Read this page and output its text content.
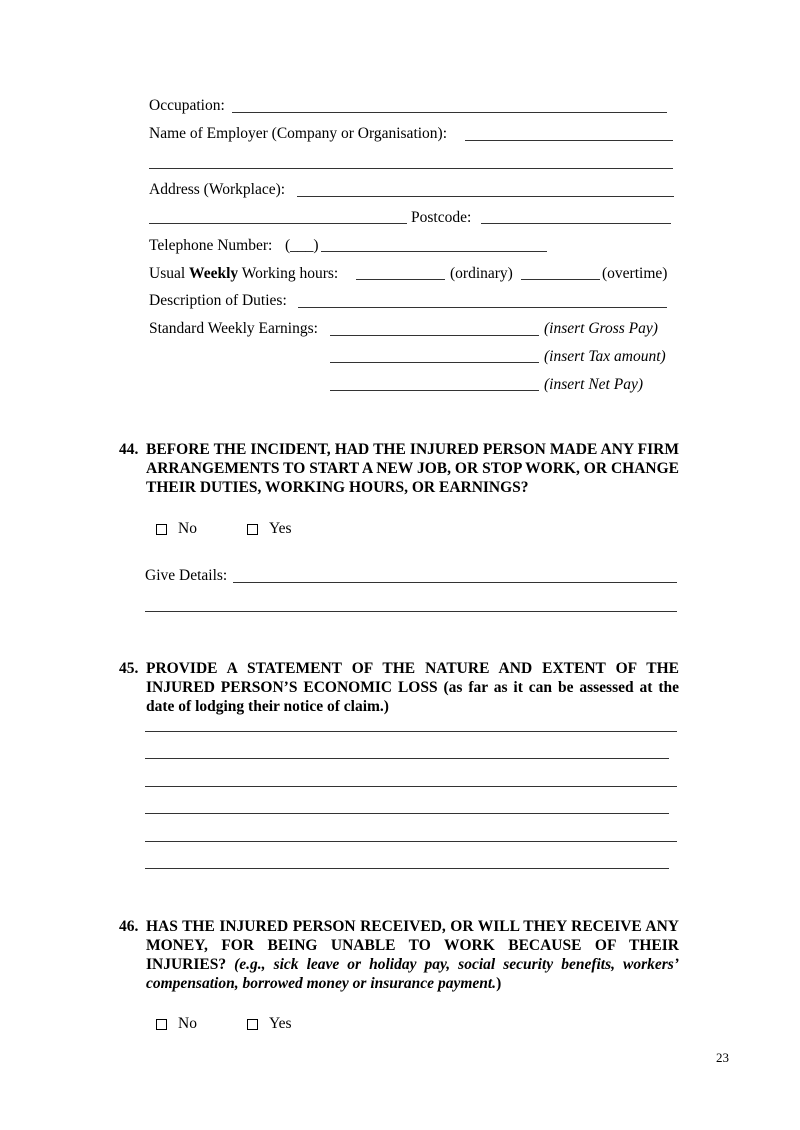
Occupation:
Name of Employer (Company or Organisation):
Address (Workplace):
Postcode:
Telephone Number: (___)
Usual Weekly Working hours:	(ordinary)	(overtime)
Description of Duties:
Standard Weekly Earnings:	(insert Gross Pay)
(insert Tax amount)
(insert Net Pay)
44. BEFORE THE INCIDENT, HAD THE INJURED PERSON MADE ANY FIRM ARRANGEMENTS TO START A NEW JOB, OR STOP WORK, OR CHANGE THEIR DUTIES, WORKING HOURS, OR EARNINGS?
No	Yes
Give Details:
45. PROVIDE A STATEMENT OF THE NATURE AND EXTENT OF THE INJURED PERSON’S ECONOMIC LOSS (as far as it can be assessed at the date of lodging their notice of claim.)
46. HAS THE INJURED PERSON RECEIVED, OR WILL THEY RECEIVE ANY MONEY, FOR BEING UNABLE TO WORK BECAUSE OF THEIR INJURIES? (e.g., sick leave or holiday pay, social security benefits, workers’ compensation, borrowed money or insurance payment.)
No	Yes
23
